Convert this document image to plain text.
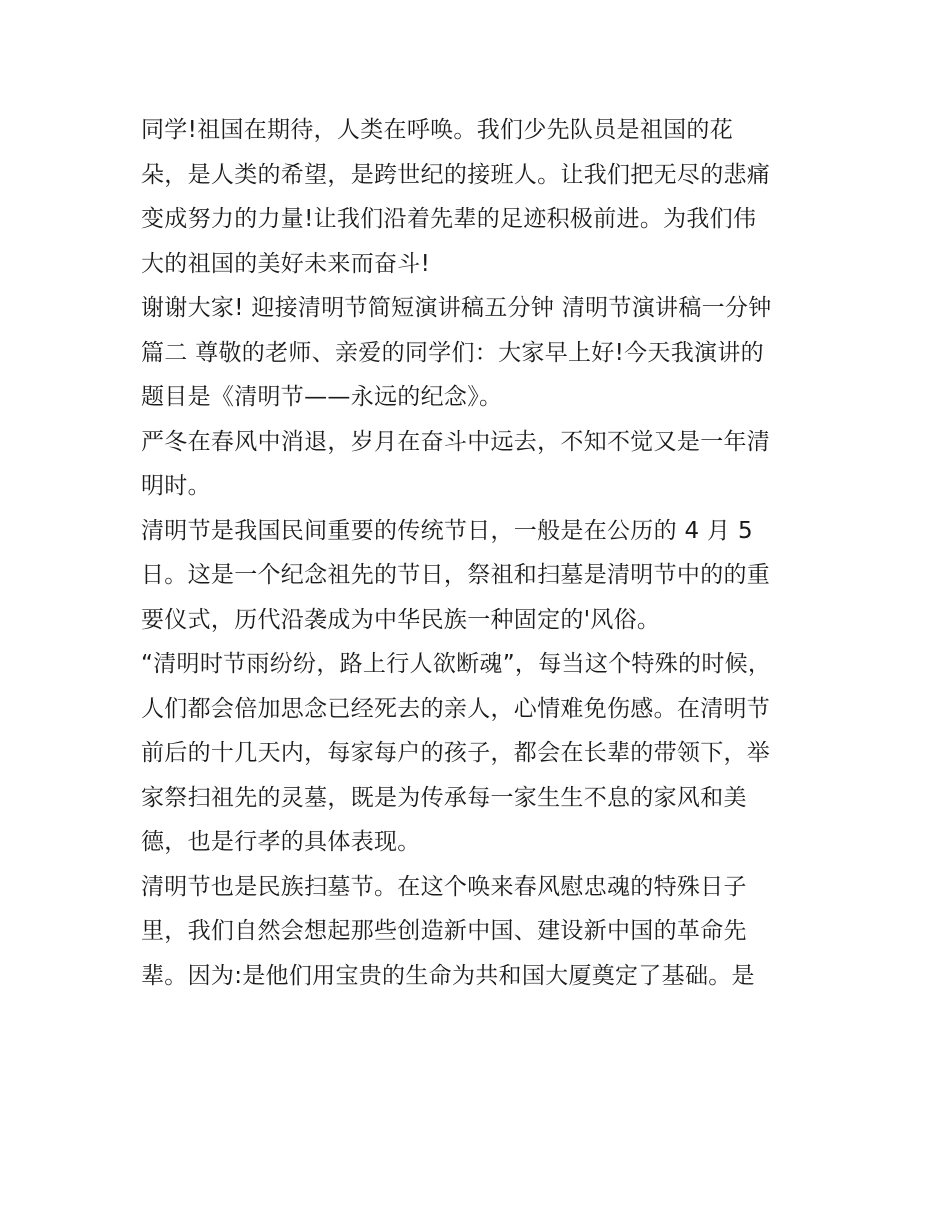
同学!祖国在期待，人类在呼唤。我们少先队员是祖国的花
朵，是人类的希望，是跨世纪的接班人。让我们把无尽的悲痛
变成努力的力量!让我们沿着先辈的足迹积极前进。为我们伟
大的祖国的美好未来而奋斗!
谢谢大家! 迎接清明节简短演讲稿五分钟 清明节演讲稿一分钟
篇二 尊敬的老师、亲爱的同学们：大家早上好!今天我演讲的
题目是《清明节——永远的纪念》。
严冬在春风中消退，岁月在奋斗中远去，不知不觉又是一年清
明时。
清明节是我国民间重要的传统节日，一般是在公历的 4 月 5
日。这是一个纪念祖先的节日，祭祖和扫墓是清明节中的的重
要仪式，历代沿袭成为中华民族一种固定的'风俗。
“清明时节雨纷纷，路上行人欲断魂”，每当这个特殊的时候，
人们都会倍加思念已经死去的亲人，心情难免伤感。在清明节
前后的十几天内，每家每户的孩子，都会在长辈的带领下，举
家祭扫祖先的灵墓，既是为传承每一家生生不息的家风和美
德，也是行孝的具体表现。
清明节也是民族扫墓节。在这个唤来春风慰忠魂的特殊日子
里，我们自然会想起那些创造新中国、建设新中国的革命先
辈。因为:是他们用宝贵的生命为共和国大厦奠定了基础。是
